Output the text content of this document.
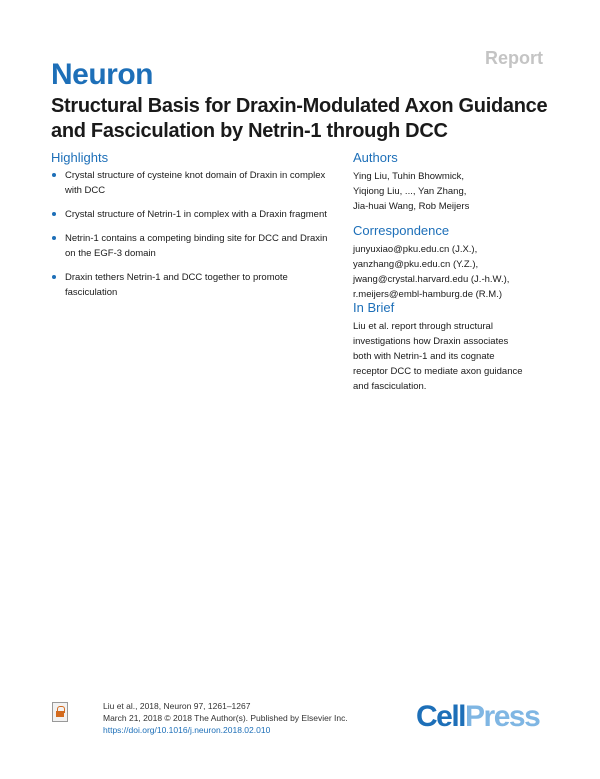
Report
Neuron
Structural Basis for Draxin-Modulated Axon Guidance and Fasciculation by Netrin-1 through DCC
Highlights
Crystal structure of cysteine knot domain of Draxin in complex with DCC
Crystal structure of Netrin-1 in complex with a Draxin fragment
Netrin-1 contains a competing binding site for DCC and Draxin on the EGF-3 domain
Draxin tethers Netrin-1 and DCC together to promote fasciculation
Authors
Ying Liu, Tuhin Bhowmick,
Yiqiong Liu, ..., Yan Zhang,
Jia-huai Wang, Rob Meijers
Correspondence
junyuxiao@pku.edu.cn (J.X.),
yanzhang@pku.edu.cn (Y.Z.),
jwang@crystal.harvard.edu (J.-h.W.),
r.meijers@embl-hamburg.de (R.M.)
In Brief
Liu et al. report through structural
investigations how Draxin associates
both with Netrin-1 and its cognate
receptor DCC to mediate axon guidance
and fasciculation.
Liu et al., 2018, Neuron 97, 1261–1267
March 21, 2018 © 2018 The Author(s). Published by Elsevier Inc.
https://doi.org/10.1016/j.neuron.2018.02.010	CellPress
